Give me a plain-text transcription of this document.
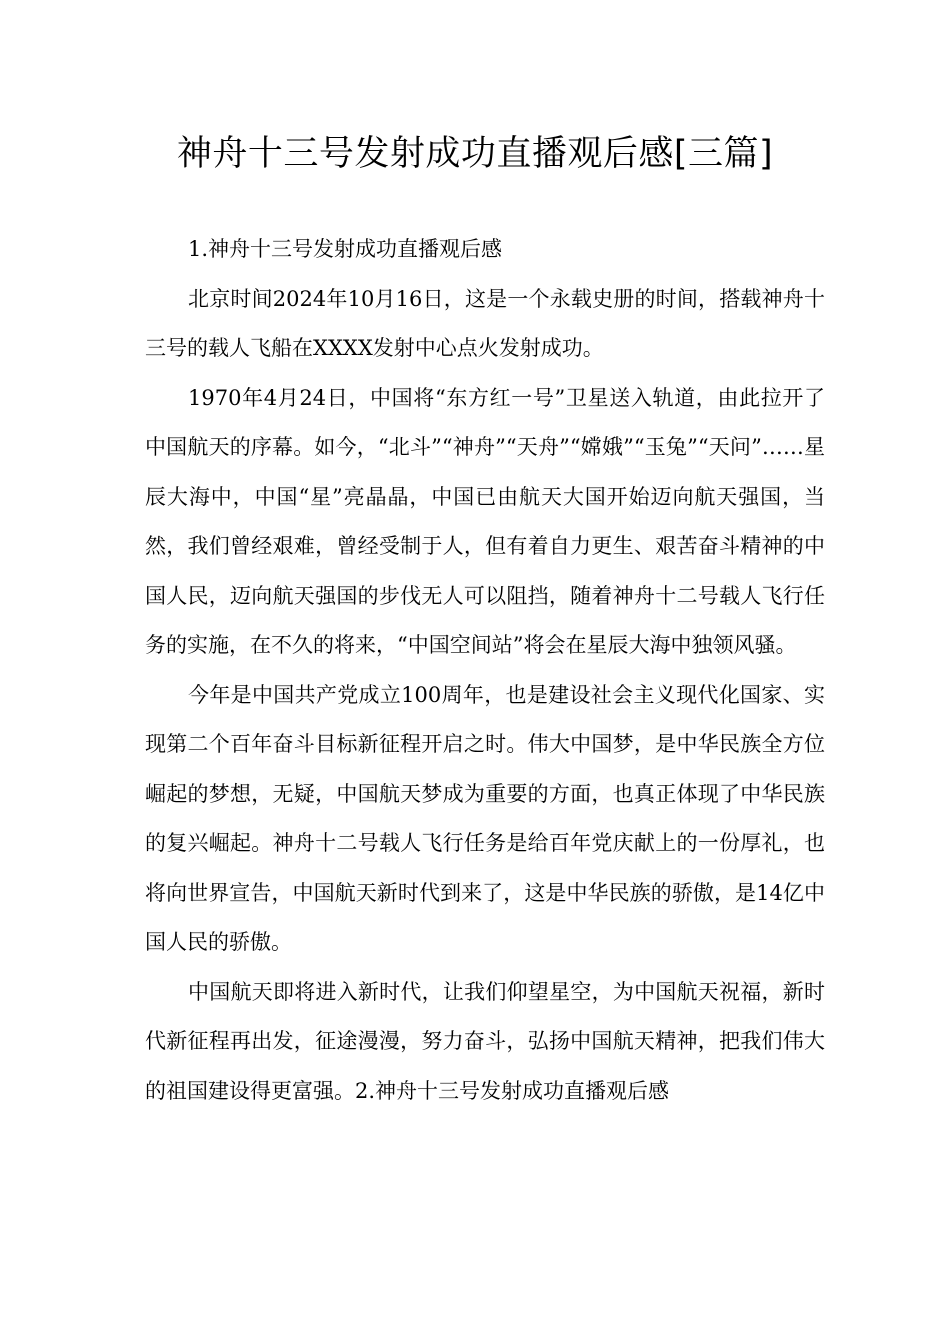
神舟十三号发射成功直播观后感[三篇]

1.神舟十三号发射成功直播观后感

北京时间2024年10月16日，这是一个永载史册的时间，搭载神舟十三号的载人飞船在XXXX发射中心点火发射成功。

1970年4月24日，中国将“东方红一号”卫星送入轨道，由此拉开了中国航天的序幕。如今，“北斗”“神舟”“天舟”“嫦娥”“玉兔”“天问”……星辰大海中，中国“星”亮晶晶，中国已由航天大国开始迈向航天强国，当然，我们曾经艰难，曾经受制于人，但有着自力更生、艰苦奋斗精神的中国人民，迈向航天强国的步伐无人可以阻挡，随着神舟十二号载人飞行任务的实施，在不久的将来，“中国空间站”将会在星辰大海中独领风骚。

今年是中国共产党成立100周年，也是建设社会主义现代化国家、实现第二个百年奋斗目标新征程开启之时。伟大中国梦，是中华民族全方位崛起的梦想，无疑，中国航天梦成为重要的方面，也真正体现了中华民族的复兴崛起。神舟十二号载人飞行任务是给百年党庆献上的一份厚礼，也将向世界宣告，中国航天新时代到来了，这是中华民族的骄傲，是14亿中国人民的骄傲。

中国航天即将进入新时代，让我们仰望星空，为中国航天祝福，新时代新征程再出发，征途漫漫，努力奋斗，弘扬中国航天精神，把我们伟大的祖国建设得更富强。2.神舟十三号发射成功直播观后感
